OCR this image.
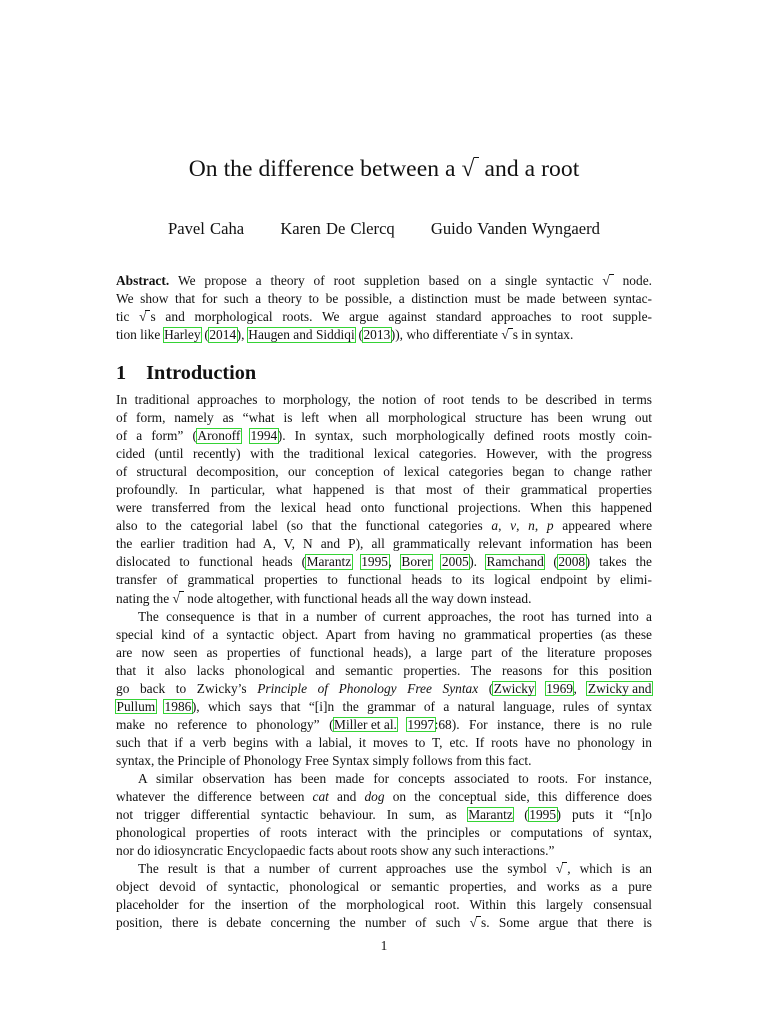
On the difference between a √ and a root
Pavel Caha Karen De Clercq Guido Vanden Wyngaerd
Abstract. We propose a theory of root suppletion based on a single syntactic √ node.
We show that for such a theory to be possible, a distinction must be made between syntac-
tic √ s and morphological roots. We argue against standard approaches to root supple-
tion like Harley (2014), Haugen and Siddiqi (2013)), who differentiate √ s in syntax.
1 Introduction
In traditional approaches to morphology, the notion of root tends to be described in terms
of form, namely as “what is left when all morphological structure has been wrung out
of a form” (Aronoff 1994). In syntax, such morphologically defined roots mostly coin-
cided (until recently) with the traditional lexical categories. However, with the progress
of structural decomposition, our conception of lexical categories began to change rather
profoundly. In particular, what happened is that most of their grammatical properties
were transferred from the lexical head onto functional projections. When this happened
also to the categorial label (so that the functional categories a, v, n, p appeared where
the earlier tradition had A, V, N and P), all grammatically relevant information has been
dislocated to functional heads (Marantz 1995, Borer 2005). Ramchand (2008) takes the
transfer of grammatical properties to functional heads to its logical endpoint by elimi-
nating the √ node altogether, with functional heads all the way down instead.
The consequence is that in a number of current approaches, the root has turned into a
special kind of a syntactic object. Apart from having no grammatical properties (as these
are now seen as properties of functional heads), a large part of the literature proposes
that it also lacks phonological and semantic properties. The reasons for this position
go back to Zwicky’s Principle of Phonology Free Syntax (Zwicky 1969, Zwicky and
Pullum 1986), which says that “[i]n the grammar of a natural language, rules of syntax
make no reference to phonology” (Miller et al. 1997:68). For instance, there is no rule
such that if a verb begins with a labial, it moves to T, etc. If roots have no phonology in
syntax, the Principle of Phonology Free Syntax simply follows from this fact.
A similar observation has been made for concepts associated to roots. For instance,
whatever the difference between cat and dog on the conceptual side, this difference does
not trigger differential syntactic behaviour. In sum, as Marantz (1995) puts it “[n]o
phonological properties of roots interact with the principles or computations of syntax,
nor do idiosyncratic Encyclopaedic facts about roots show any such interactions.”
The result is that a number of current approaches use the symbol √ , which is an
object devoid of syntactic, phonological or semantic properties, and works as a pure
placeholder for the insertion of the morphological root. Within this largely consensual
position, there is debate concerning the number of such √ s. Some argue that there is
1
